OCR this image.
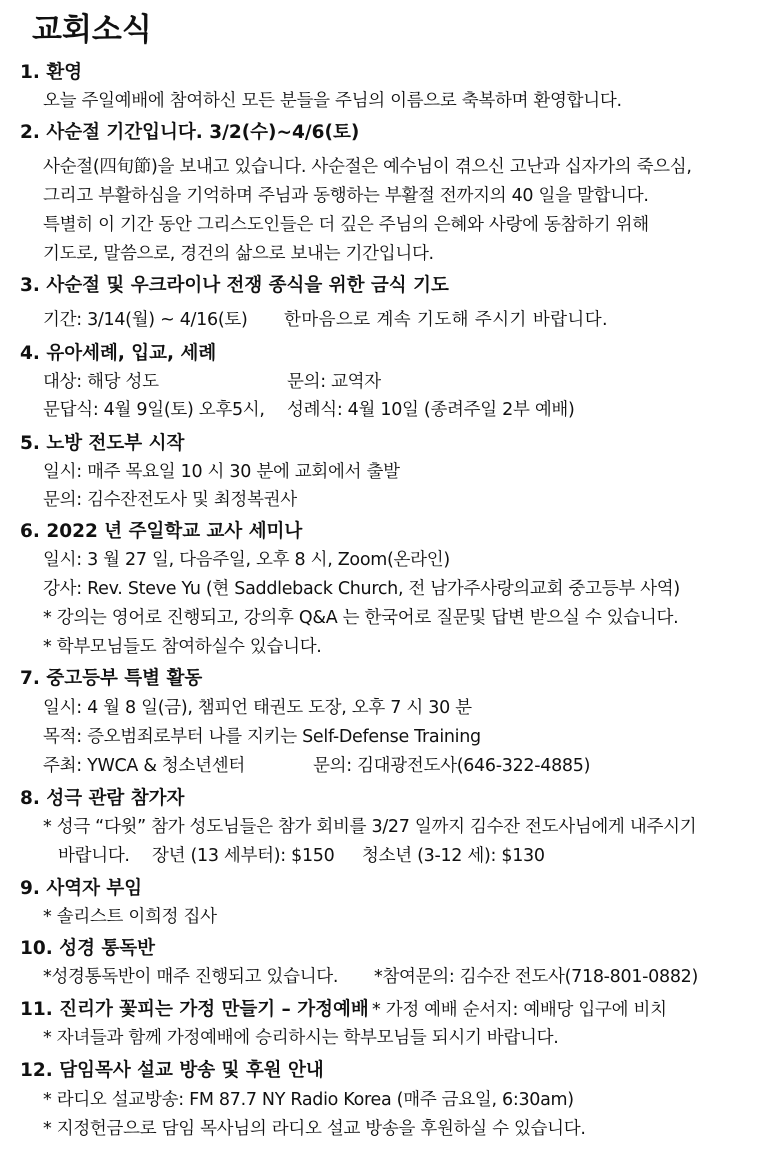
교회소식
1. 환영
오늘 주일예배에 참여하신 모든 분들을 주님의 이름으로 축복하며 환영합니다.
2. 사순절 기간입니다. 3/2(수)~4/6(토)
사순절(四旬節)을 보내고 있습니다. 사순절은 예수님이 겪으신 고난과 십자가의 죽으심,
그리고 부활하심을 기억하며 주님과 동행하는 부활절 전까지의 40 일을 말합니다.
특별히 이 기간 동안 그리스도인들은 더 깊은 주님의 은혜와 사랑에 동참하기 위해
기도로, 말씀으로, 경건의 삶으로 보내는 기간입니다.
3. 사순절 및 우크라이나 전쟁 종식을 위한 금식 기도
기간: 3/14(월) ~ 4/16(토) 한마음으로 계속 기도해 주시기 바랍니다.
4. 유아세례, 입교, 세례
대상: 해당 성도	문의: 교역자
문답식: 4월 9일(토) 오후5시, 성례식: 4월 10일 (종려주일 2부 예배)
5. 노방 전도부 시작
일시: 매주 목요일 10 시 30 분에 교회에서 출발
문의: 김수잔전도사 및 최정복권사
6. 2022 년 주일학교 교사 세미나
일시: 3 월 27 일, 다음주일, 오후 8 시, Zoom(온라인)
강사: Rev. Steve Yu (현 Saddleback Church, 전 남가주사랑의교회 중고등부 사역)
* 강의는 영어로 진행되고, 강의후 Q&A 는 한국어로 질문및 답변 받으실 수 있습니다.
* 학부모님들도 참여하실수 있습니다.
7. 중고등부 특별 활동
일시: 4 월 8 일(금), 챔피언 태권도 도장, 오후 7 시 30 분
목적: 증오범죄로부터 나를 지키는 Self-Defense Training
주최: YWCA & 청소년센터	문의: 김대광전도사(646-322-4885)
8. 성극 관람 참가자
* 성극 “다윗” 참가 성도님들은 참가 회비를 3/27 일까지 김수잔 전도사님에게 내주시기
바랍니다. 장년 (13 세부터): $150 청소년 (3-12 세): $130
9. 사역자 부임
* 솔리스트 이희정 집사
10. 성경 통독반
*성경통독반이 매주 진행되고 있습니다. *참여문의: 김수잔 전도사(718-801-0882)
11. 진리가 꽃피는 가정 만들기 – 가정예배 * 가정 예배 순서지: 예배당 입구에 비치
* 자녀들과 함께 가정예배에 승리하시는 학부모님들 되시기 바랍니다.
12. 담임목사 설교 방송 및 후원 안내
* 라디오 설교방송: FM 87.7 NY Radio Korea (매주 금요일, 6:30am)
* 지정헌금으로 담임 목사님의 라디오 설교 방송을 후원하실 수 있습니다.
